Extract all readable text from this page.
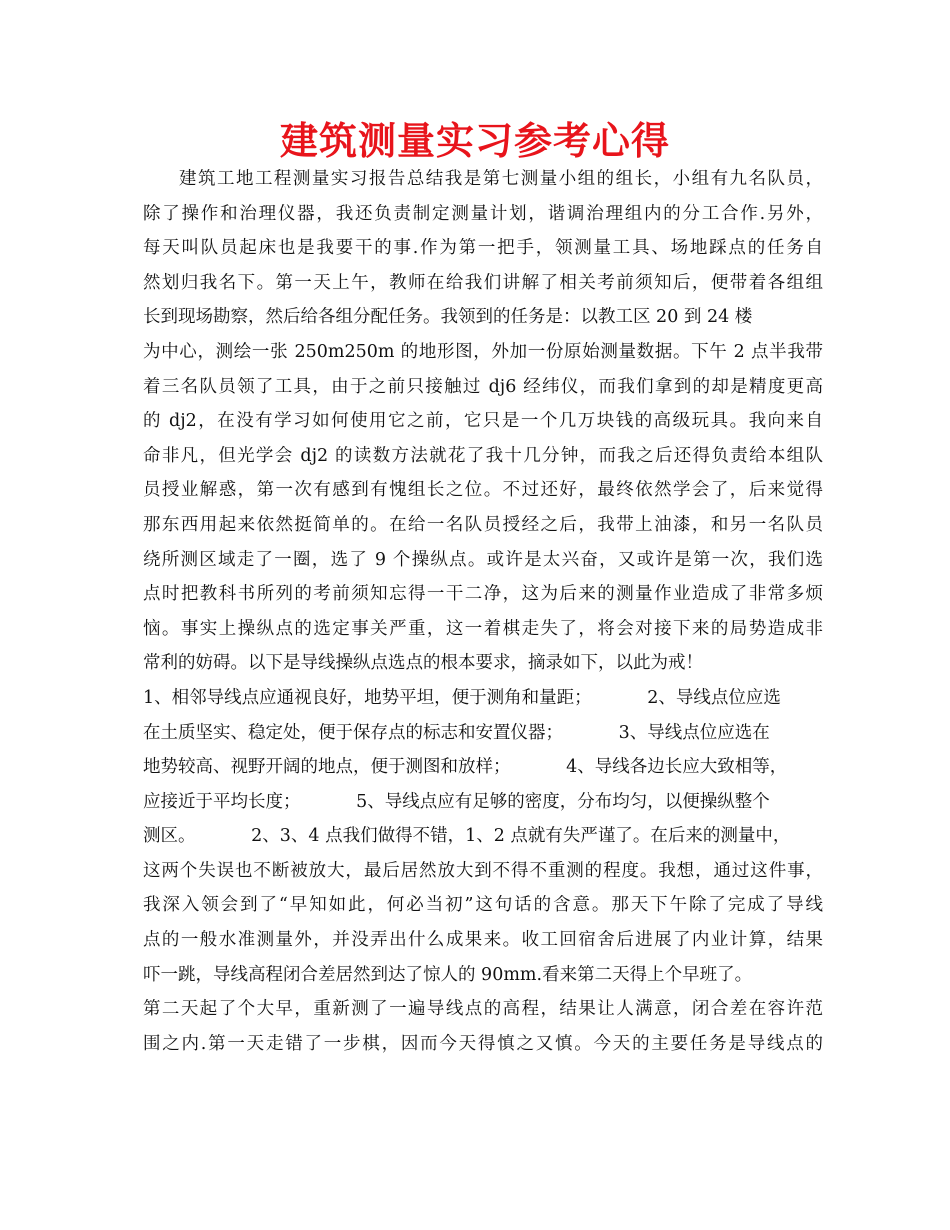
建筑测量实习参考心得
建筑工地工程测量实习报告总结我是第七测量小组的组长，小组有九名队员，
除了操作和治理仪器，我还负责制定测量计划，谐调治理组内的分工合作.另外，
每天叫队员起床也是我要干的事.作为第一把手，领测量工具、场地踩点的任务自
然划归我名下。第一天上午，教师在给我们讲解了相关考前须知后，便带着各组组
长到现场勘察，然后给各组分配任务。我领到的任务是：以教工区 20 到 24 楼
为中心，测绘一张 250m250m 的地形图，外加一份原始测量数据。下午 2 点半我带
着三名队员领了工具，由于之前只接触过 dj6 经纬仪，而我们拿到的却是精度更高
的 dj2，在没有学习如何使用它之前，它只是一个几万块钱的高级玩具。我向来自
命非凡，但光学会 dj2 的读数方法就花了我十几分钟，而我之后还得负责给本组队
员授业解惑，第一次有感到有愧组长之位。不过还好，最终依然学会了，后来觉得
那东西用起来依然挺简单的。在给一名队员授经之后，我带上油漆，和另一名队员
绕所测区域走了一圈，选了 9 个操纵点。或许是太兴奋，又或许是第一次，我们选
点时把教科书所列的考前须知忘得一干二净，这为后来的测量作业造成了非常多烦
恼。事实上操纵点的选定事关严重，这一着棋走失了，将会对接下来的局势造成非
常利的妨碍。以下是导线操纵点选点的根本要求，摘录如下，以此为戒！
1、相邻导线点应通视良好，地势平坦，便于测角和量距；          2、导线点位应选
在土质坚实、稳定处，便于保存点的标志和安置仪器；          3、导线点位应选在
地势较高、视野开阔的地点，便于测图和放样；          4、导线各边长应大致相等，
应接近于平均长度；          5、导线点应有足够的密度，分布均匀，以便操纵整个
测区。          2、3、4 点我们做得不错，1、2 点就有失严谨了。在后来的测量中，
这两个失误也不断被放大，最后居然放大到不得不重测的程度。我想，通过这件事，
我深入领会到了“早知如此，何必当初”这句话的含意。那天下午除了完成了导线
点的一般水准测量外，并没弄出什么成果来。收工回宿舍后进展了内业计算，结果
吓一跳，导线高程闭合差居然到达了惊人的 90mm.看来第二天得上个早班了。
第二天起了个大早，重新测了一遍导线点的高程，结果让人满意，闭合差在容许范
围之内.第一天走错了一步棋，因而今天得慎之又慎。今天的主要任务是导线点的
